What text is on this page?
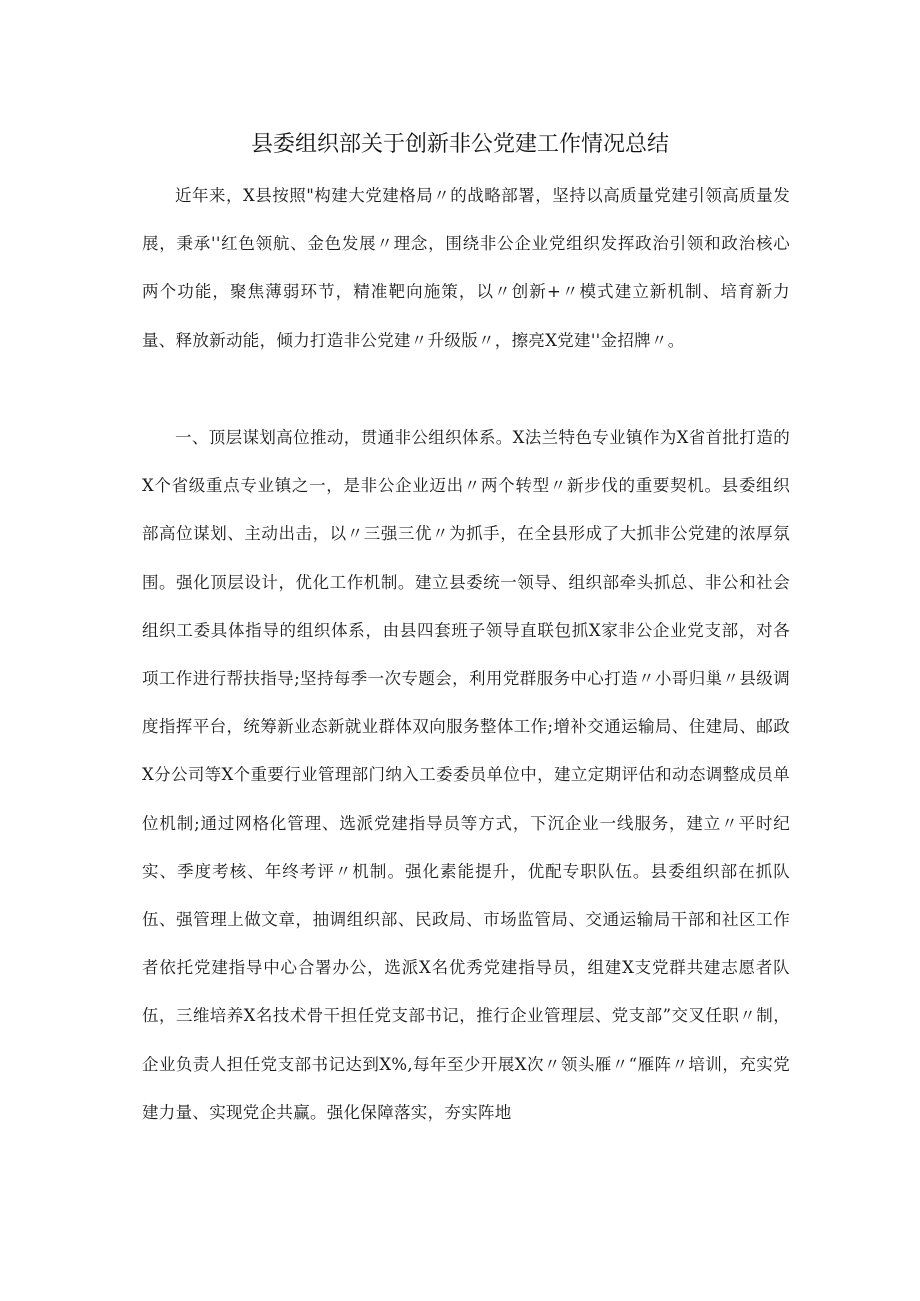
县委组织部关于创新非公党建工作情况总结

近年来，X县按照"构建大党建格局〃的战略部署，坚持以高质量党建引领高质量发展，秉承''红色领航、金色发展〃理念，围绕非公企业党组织发挥政治引领和政治核心两个功能，聚焦薄弱环节，精准靶向施策，以〃创新+〃模式建立新机制、培育新力量、释放新动能，倾力打造非公党建〃升级版〃，擦亮X党建''金招牌〃。

一、顶层谋划高位推动，贯通非公组织体系。X法兰特色专业镇作为X省首批打造的X个省级重点专业镇之一，是非公企业迈出〃两个转型〃新步伐的重要契机。县委组织部高位谋划、主动出击，以〃三强三优〃为抓手，在全县形成了大抓非公党建的浓厚氛围。强化顶层设计，优化工作机制。建立县委统一领导、组织部牵头抓总、非公和社会组织工委具体指导的组织体系，由县四套班子领导直联包抓X家非公企业党支部，对各项工作进行帮扶指导;坚持每季一次专题会，利用党群服务中心打造〃小哥归巢〃县级调度指挥平台，统筹新业态新就业群体双向服务整体工作;增补交通运输局、住建局、邮政X分公司等X个重要行业管理部门纳入工委委员单位中，建立定期评估和动态调整成员单位机制;通过网格化管理、选派党建指导员等方式，下沉企业一线服务，建立〃平时纪实、季度考核、年终考评〃机制。强化素能提升，优配专职队伍。县委组织部在抓队伍、强管理上做文章，抽调组织部、民政局、市场监管局、交通运输局干部和社区工作者依托党建指导中心合署办公，选派X名优秀党建指导员，组建X支党群共建志愿者队伍，三维培养X名技术骨干担任党支部书记，推行企业管理层、党支部”交叉任职〃制，企业负责人担任党支部书记达到X%,每年至少开展X次〃领头雁〃“雁阵〃培训，充实党建力量、实现党企共赢。强化保障落实，夯实阵地
